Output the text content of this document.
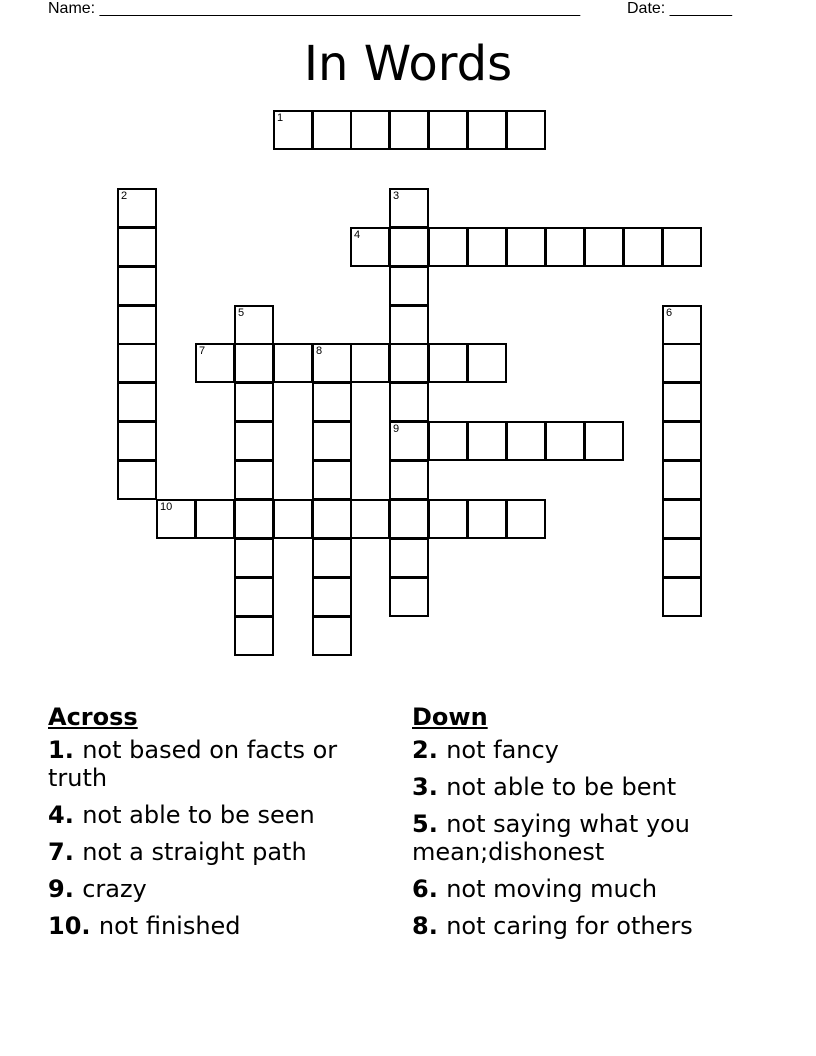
Name: ______________________________________________________	Date: _______
In Words
1
2	3
9
4
5	6
7	8
10
Across
1. not based on facts or truth
4. not able to be seen
7. not a straight path
9. crazy
10. not finished
Down
2. not fancy
3. not able to be bent
5. not saying what you mean;dishonest
6. not moving much
8. not caring for others
